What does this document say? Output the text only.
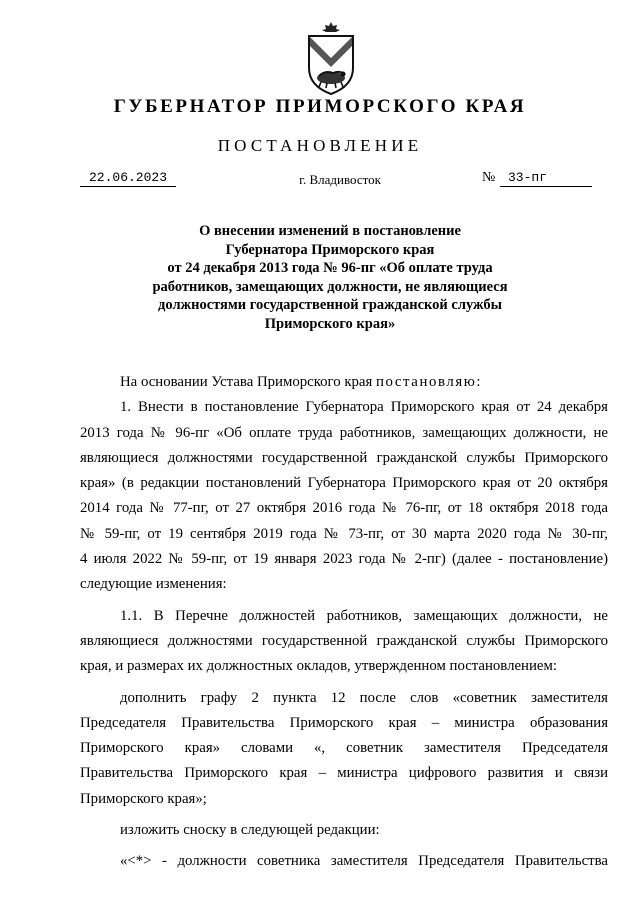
ГУБЕРНАТОР ПРИМОРСКОГО КРАЯ
ПОСТАНОВЛЕНИЕ
22.06.2023	г. Владивосток	№ 33-пг
О внесении изменений в постановление
Губернатора Приморского края
от 24 декабря 2013 года № 96-пг «Об оплате труда
работников, замещающих должности, не являющиеся
должностями государственной гражданской службы
Приморского края»
На основании Устава Приморского края постановляю:
1. Внести в постановление Губернатора Приморского края от 24 декабря
2013 года № 96-пг «Об оплате труда работников, замещающих должности, не
являющиеся должностями государственной гражданской службы Приморского
края» (в редакции постановлений Губернатора Приморского края от 20 октября
2014 года № 77-пг, от 27 октября 2016 года № 76-пг, от 18 октября 2018 года
№ 59-пг, от 19 сентября 2019 года № 73-пг, от 30 марта 2020 года № 30-пг,
4 июля 2022 № 59-пг, от 19 января 2023 года № 2-пг) (далее - постановление)
следующие изменения:
1.1. В Перечне должностей работников, замещающих должности, не
являющиеся должностями государственной гражданской службы Приморского
края, и размерах их должностных окладов, утвержденном постановлением:
дополнить графу 2 пункта 12 после слов «советник заместителя
Председателя Правительства Приморского края – министра образования
Приморского края» словами «, советник заместителя Председателя
Правительства Приморского края – министра цифрового развития и связи
Приморского края»;
изложить сноску в следующей редакции:
«<*> - должности советника заместителя Председателя Правительства
